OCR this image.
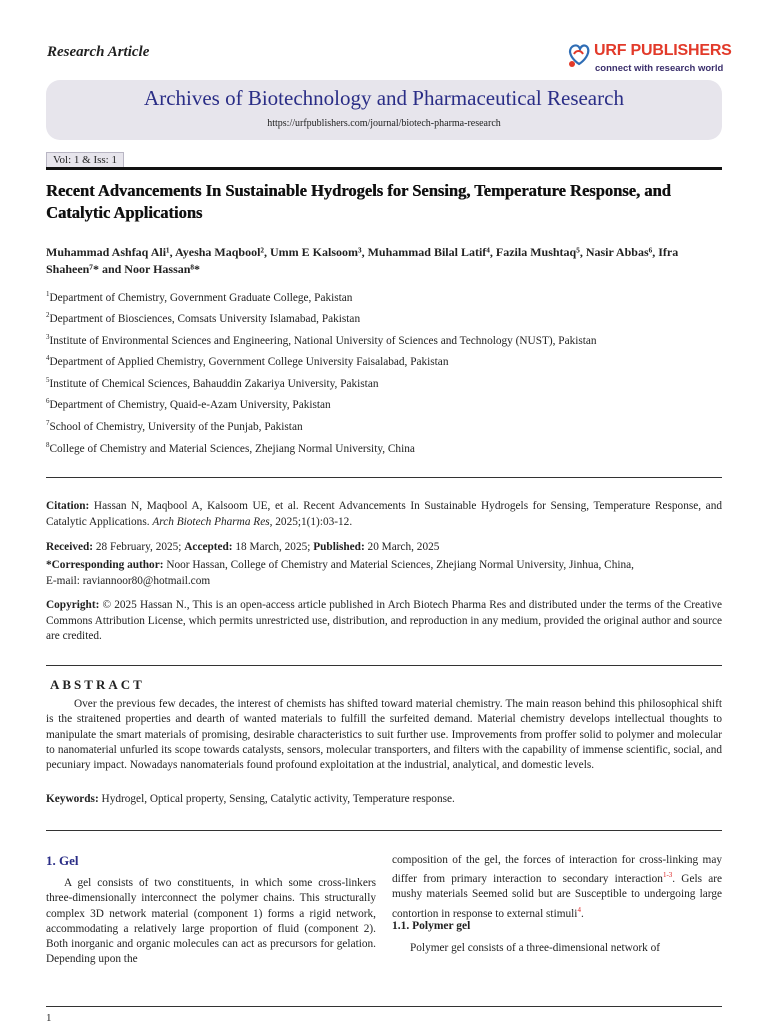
Research Article	URF PUBLISHERS
connect with research world
Archives of Biotechnology and Pharmaceutical Research
https://urfpublishers.com/journal/biotech-pharma-research
Vol: 1 & Iss: 1
Recent Advancements In Sustainable Hydrogels for Sensing, Temperature Response, and Catalytic Applications
Muhammad Ashfaq Ali¹, Ayesha Maqbool², Umm E Kalsoom³, Muhammad Bilal Latif⁴, Fazila Mushtaq⁵, Nasir Abbas⁶, Ifra
Shaheen⁷* and Noor Hassan⁸*
$^1$Department of Chemistry, Government Graduate College, Pakistan
$^2$Department of Biosciences, Comsats University Islamabad, Pakistan
$^3$Institute of Environmental Sciences and Engineering, National University of Sciences and Technology (NUST), Pakistan
$^4$Department of Applied Chemistry, Government College University Faisalabad, Pakistan
$^5$Institute of Chemical Sciences, Bahauddin Zakariya University, Pakistan
$^6$Department of Chemistry, Quaid-e-Azam University, Pakistan
$^7$School of Chemistry, University of the Punjab, Pakistan
$^8$College of Chemistry and Material Sciences, Zhejiang Normal University, China
Citation: Hassan N, Maqbool A, Kalsoom UE, et al. Recent Advancements In Sustainable Hydrogels for Sensing, Temperature Response, and Catalytic Applications. Arch Biotech Pharma Res, 2025;1(1):03-12.
Received: 28 February, 2025; Accepted: 18 March, 2025; Published: 20 March, 2025
*Corresponding author: Noor Hassan, College of Chemistry and Material Sciences, Zhejiang Normal University, Jinhua, China,
E-mail: raviannoor80@hotmail.com
Copyright: © 2025 Hassan N., This is an open-access article published in Arch Biotech Pharma Res and distributed under the terms of the Creative Commons Attribution License, which permits unrestricted use, distribution, and reproduction in any medium, provided the original author and source are credited.
ABSTRACT
Over the previous few decades, the interest of chemists has shifted toward material chemistry. The main reason behind this philosophical shift is the straitened properties and dearth of wanted materials to fulfill the surfeited demand. Material chemistry develops intellectual thoughts to manipulate the smart materials of promising, desirable characteristics to suit further use. Improvements from proffer solid to polymer and molecular to nanomaterial unfurled its scope towards catalysts, sensors, molecular transporters, and filters with the capability of immense scientific, social, and pecuniary impact. Nowadays nanomaterials found profound exploitation at the industrial, analytical, and domestic levels.
Keywords: Hydrogel, Optical property, Sensing, Catalytic activity, Temperature response.
1. Gel
A gel consists of two constituents, in which some cross-linkers three-dimensionally interconnect the polymer chains. This structurally complex 3D network material (component 1) forms a rigid network, accommodating a relatively large proportion of fluid (component 2). Both inorganic and organic molecules can act as precursors for gelation. Depending upon the
composition of the gel, the forces of interaction for cross-linking may differ from primary interaction to secondary interaction$^{1-3}$. Gels are mushy materials Seemed solid but are Susceptible to undergoing large contortion in response to external stimuli$^4$.
1.1. Polymer gel
Polymer gel consists of a three-dimensional network of
1
